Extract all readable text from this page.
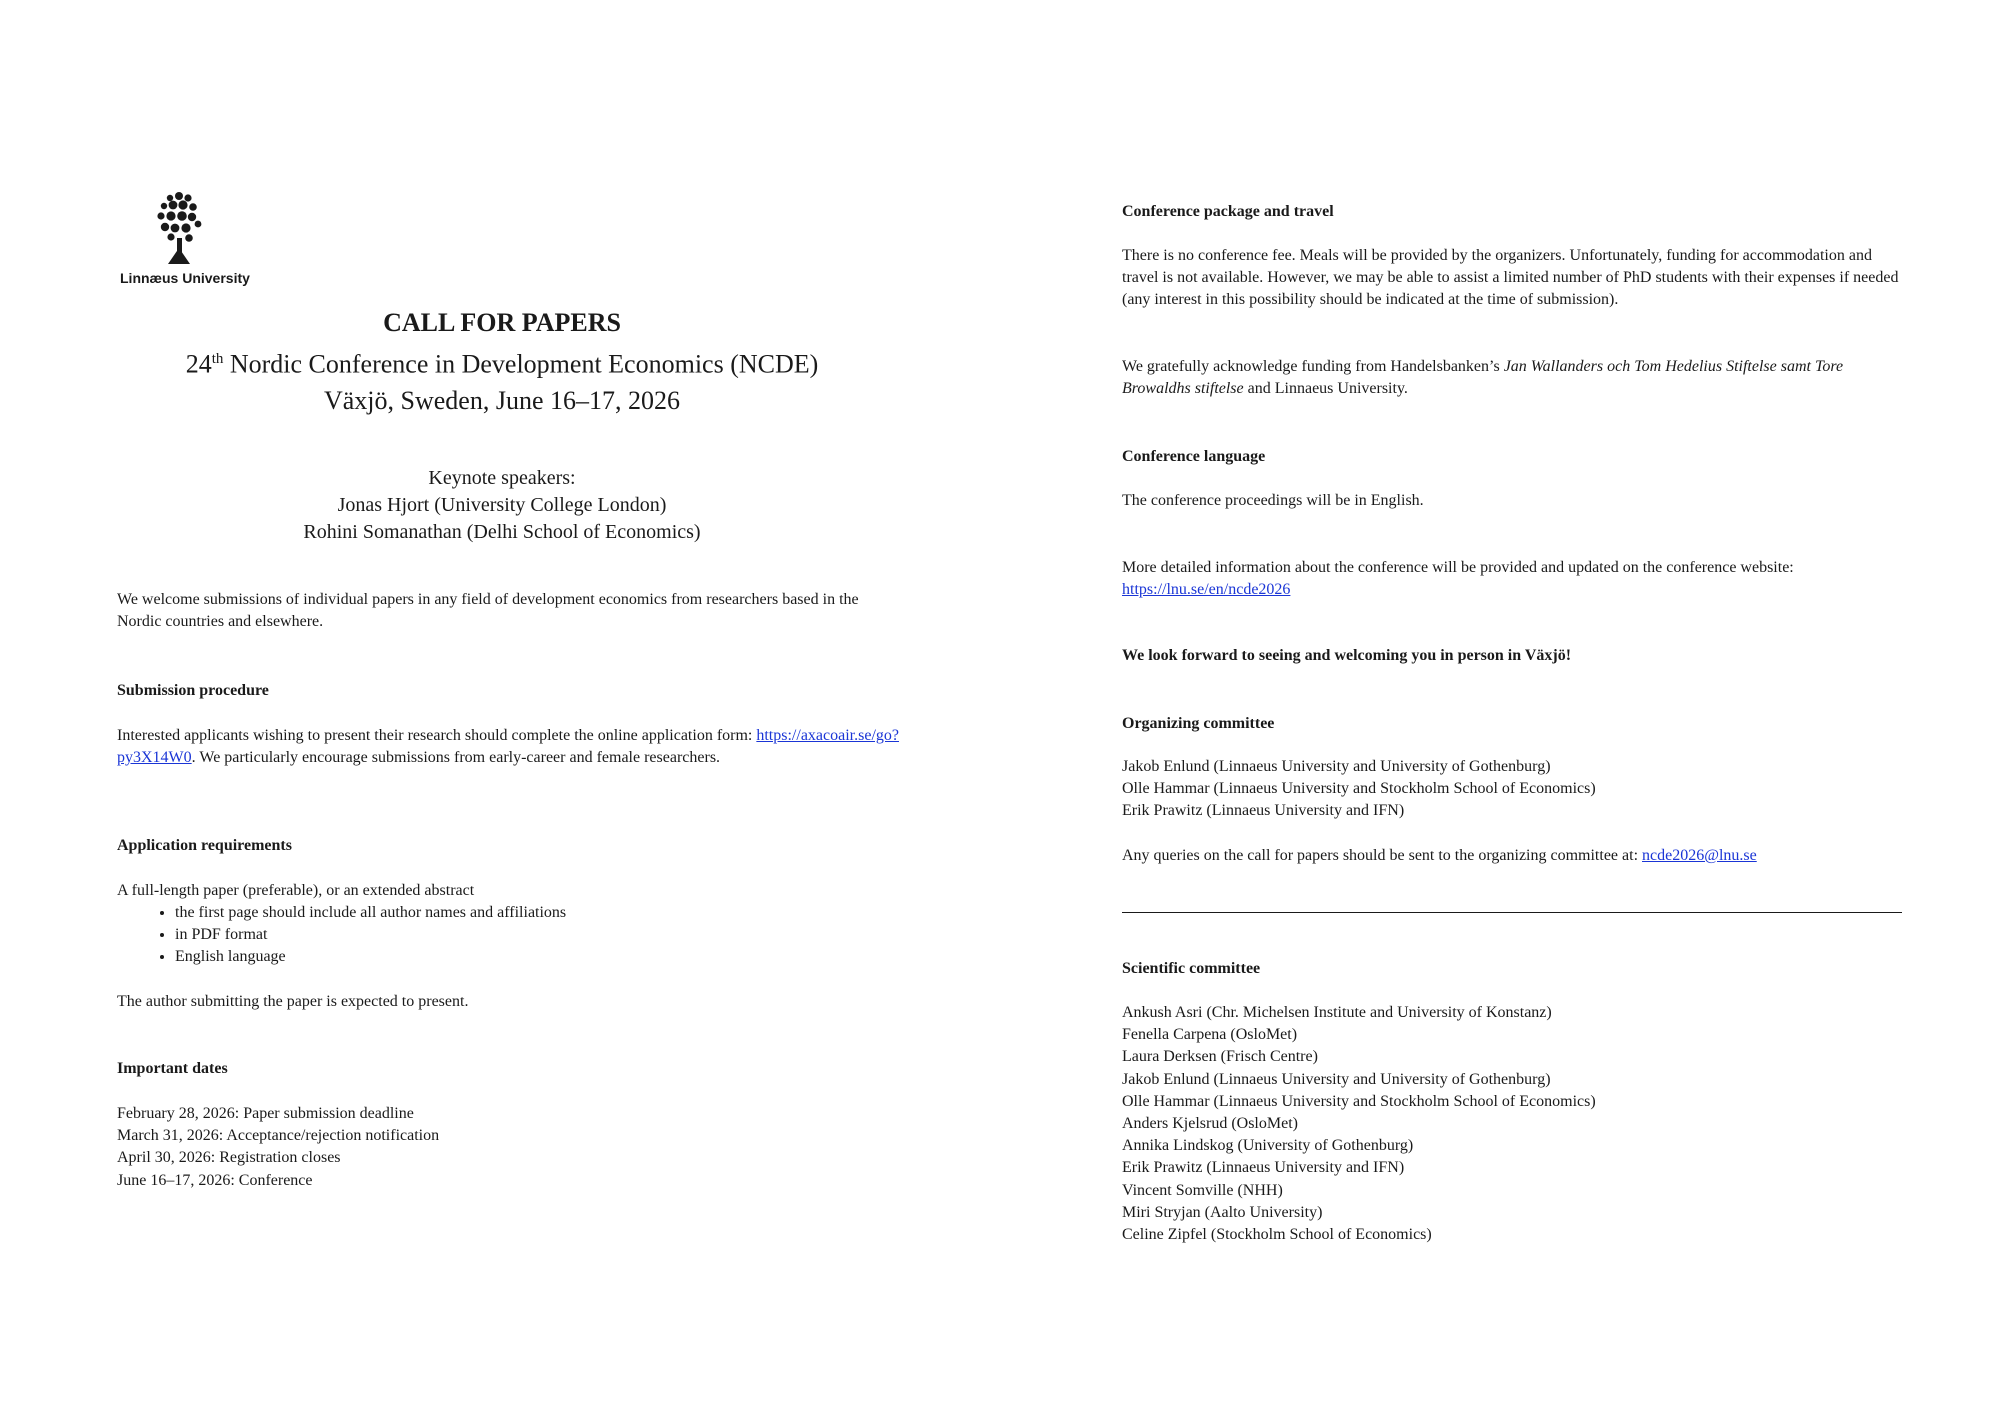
Linnæus University

CALL FOR PAPERS

24th Nordic Conference in Development Economics (NCDE)

Växjö, Sweden, June 16–17, 2026

Keynote speakers:

Jonas Hjort (University College London)

Rohini Somanathan (Delhi School of Economics)

We welcome submissions of individual papers in any field of development economics from researchers based in the Nordic countries and elsewhere.

Submission procedure

Interested applicants wishing to present their research should complete the online application form: https://axacoair.se/go?py3X14W0. We particularly encourage submissions from early-career and female researchers.

Application requirements

A full-length paper (preferable), or an extended abstract

• the first page should include all author names and affiliations
• in PDF format
• English language

The author submitting the paper is expected to present.

Important dates

February 28, 2026: Paper submission deadline

March 31, 2026: Acceptance/rejection notification

April 30, 2026: Registration closes

June 16–17, 2026: Conference

Conference package and travel

There is no conference fee. Meals will be provided by the organizers. Unfortunately, funding for accommodation and travel is not available. However, we may be able to assist a limited number of PhD students with their expenses if needed (any interest in this possibility should be indicated at the time of submission).

We gratefully acknowledge funding from Handelsbanken’s Jan Wallanders och Tom Hedelius Stiftelse samt Tore Browaldhs stiftelse and Linnaeus University.

Conference language

The conference proceedings will be in English.

More detailed information about the conference will be provided and updated on the conference website: https://lnu.se/en/ncde2026

We look forward to seeing and welcoming you in person in Växjö!

Organizing committee

Jakob Enlund (Linnaeus University and University of Gothenburg)

Olle Hammar (Linnaeus University and Stockholm School of Economics)

Erik Prawitz (Linnaeus University and IFN)

Any queries on the call for papers should be sent to the organizing committee at: ncde2026@lnu.se

Scientific committee

Ankush Asri (Chr. Michelsen Institute and University of Konstanz)

Fenella Carpena (OsloMet)

Laura Derksen (Frisch Centre)

Jakob Enlund (Linnaeus University and University of Gothenburg)

Olle Hammar (Linnaeus University and Stockholm School of Economics)

Anders Kjelsrud (OsloMet)

Annika Lindskog (University of Gothenburg)

Erik Prawitz (Linnaeus University and IFN)

Vincent Somville (NHH)

Miri Stryjan (Aalto University)

Celine Zipfel (Stockholm School of Economics)
